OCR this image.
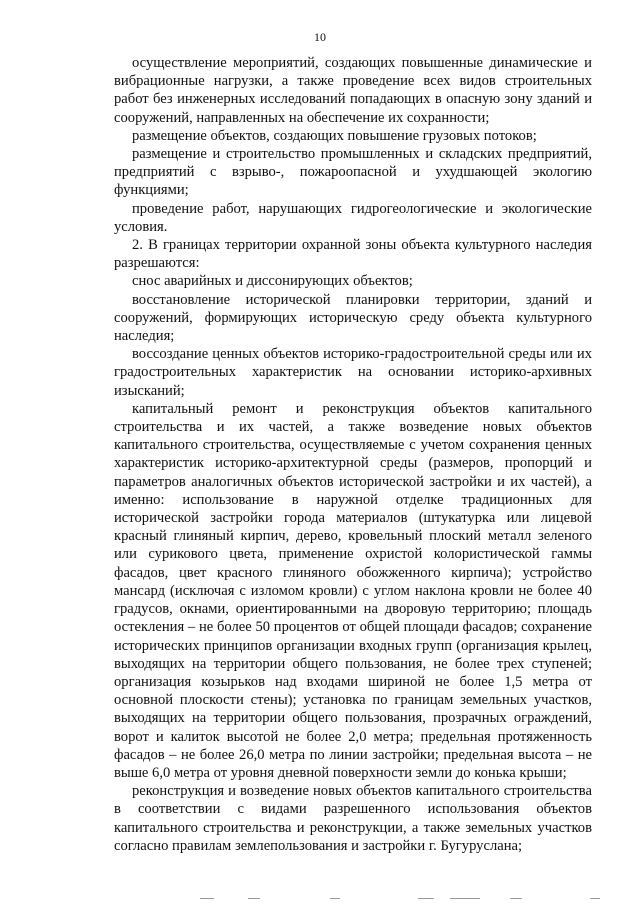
10

осуществление мероприятий, создающих повышенные динамические и вибрационные нагрузки, а также проведение всех видов строительных работ без инженерных исследований попадающих в опасную зону зданий и сооружений, направленных на обеспечение их сохранности;

размещение объектов, создающих повышение грузовых потоков;

размещение и строительство промышленных и складских предприятий, предприятий с взрыво-, пожароопасной и ухудшающей экологию функциями;

проведение работ, нарушающих гидрогеологические и экологические условия.

2. В границах территории охранной зоны объекта культурного наследия разрешаются:

снос аварийных и диссонирующих объектов;

восстановление исторической планировки территории, зданий и сооружений, формирующих историческую среду объекта культурного наследия;

воссоздание ценных объектов историко-градостроительной среды или их градостроительных характеристик на основании историко-архивных изысканий;

капитальный ремонт и реконструкция объектов капитального строительства и их частей, а также возведение новых объектов капитального строительства, осуществляемые с учетом сохранения ценных характеристик историко-архитектурной среды (размеров, пропорций и параметров аналогичных объектов исторической застройки и их частей), а именно: использование в наружной отделке традиционных для исторической застройки города материалов (штукатурка или лицевой красный глиняный кирпич, дерево, кровельный плоский металл зеленого или сурикового цвета, применение охристой колористической гаммы фасадов, цвет красного глиняного обожженного кирпича); устройство мансард (исключая с изломом кровли) с углом наклона кровли не более 40 градусов, окнами, ориентированными на дворовую территорию; площадь остекления – не более 50 процентов от общей площади фасадов; сохранение исторических принципов организации входных групп (организация крылец, выходящих на территории общего пользования, не более трех ступеней; организация козырьков над входами шириной не более 1,5 метра от основной плоскости стены); установка по границам земельных участков, выходящих на территории общего пользования, прозрачных ограждений, ворот и калиток высотой не более 2,0 метра; предельная протяженность фасадов – не более 26,0 метра по линии застройки; предельная высота – не выше 6,0 метра от уровня дневной поверхности земли до конька крыши;

реконструкция и возведение новых объектов капитального строительства в соответствии с видами разрешенного использования объектов капитального строительства и реконструкции, а также земельных участков согласно правилам землепользования и застройки г. Бугуруслана;
